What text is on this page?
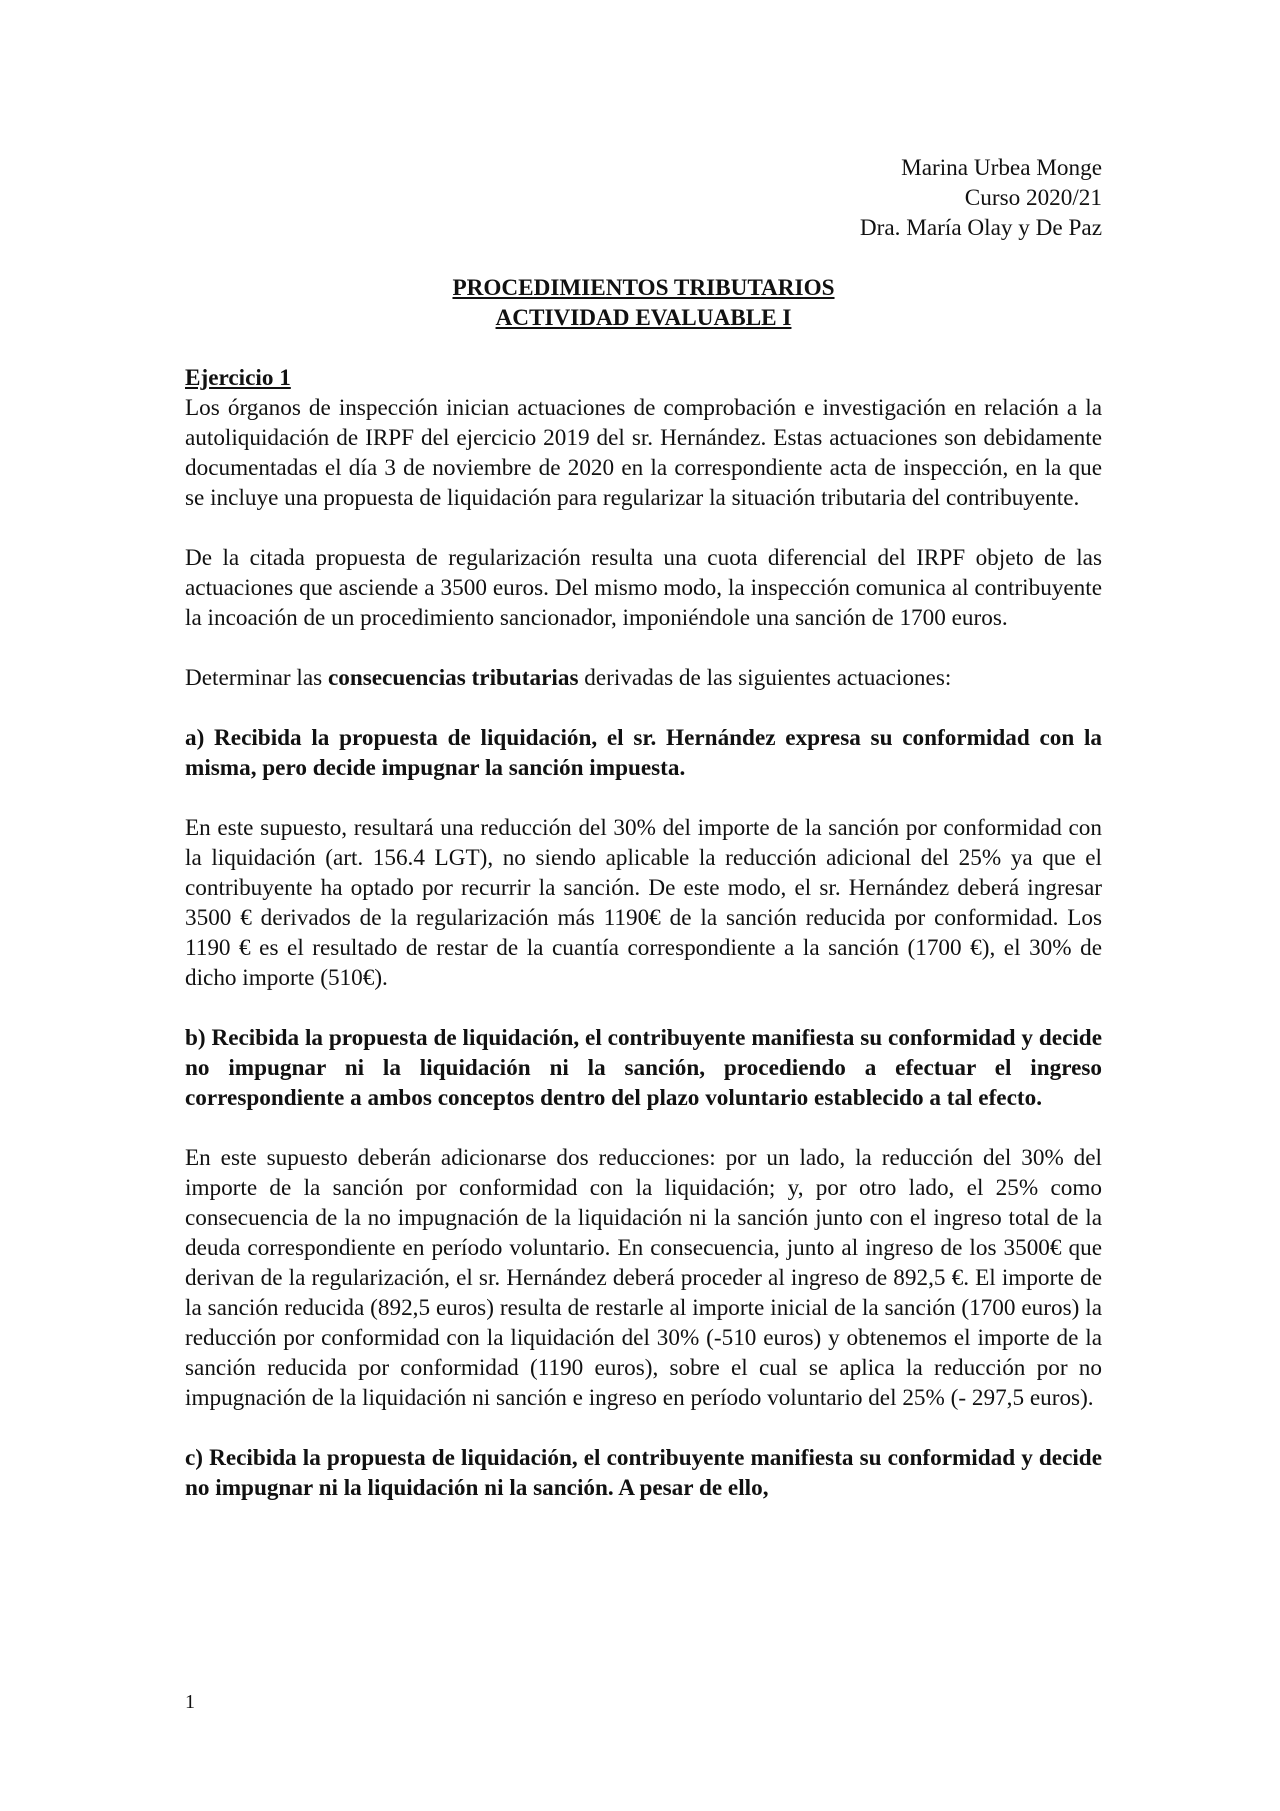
Marina Urbea Monge
Curso 2020/21
Dra. María Olay y De Paz
PROCEDIMIENTOS TRIBUTARIOS
ACTIVIDAD EVALUABLE I
Ejercicio 1

Los órganos de inspección inician actuaciones de comprobación e investigación en relación a la autoliquidación de IRPF del ejercicio 2019 del sr. Hernández. Estas actuaciones son debidamente documentadas el día 3 de noviembre de 2020 en la correspondiente acta de inspección, en la que se incluye una propuesta de liquidación para regularizar la situación tributaria del contribuyente.

De la citada propuesta de regularización resulta una cuota diferencial del IRPF objeto de las actuaciones que asciende a 3500 euros. Del mismo modo, la inspección comunica al contribuyente la incoación de un procedimiento sancionador, imponiéndole una sanción de 1700 euros.

Determinar las consecuencias tributarias derivadas de las siguientes actuaciones:

a) Recibida la propuesta de liquidación, el sr. Hernández expresa su conformidad con la misma, pero decide impugnar la sanción impuesta.

En este supuesto, resultará una reducción del 30% del importe de la sanción por conformidad con la liquidación (art. 156.4 LGT), no siendo aplicable la reducción adicional del 25% ya que el contribuyente ha optado por recurrir la sanción. De este modo, el sr. Hernández deberá ingresar 3500 € derivados de la regularización más 1190€ de la sanción reducida por conformidad. Los 1190 € es el resultado de restar de la cuantía correspondiente a la sanción (1700 €), el 30% de dicho importe (510€).

b) Recibida la propuesta de liquidación, el contribuyente manifiesta su conformidad y decide no impugnar ni la liquidación ni la sanción, procediendo a efectuar el ingreso correspondiente a ambos conceptos dentro del plazo voluntario establecido a tal efecto.

En este supuesto deberán adicionarse dos reducciones: por un lado, la reducción del 30% del importe de la sanción por conformidad con la liquidación; y, por otro lado, el 25% como consecuencia de la no impugnación de la liquidación ni la sanción junto con el ingreso total de la deuda correspondiente en período voluntario. En consecuencia, junto al ingreso de los 3500€ que derivan de la regularización, el sr. Hernández deberá proceder al ingreso de 892,5 €. El importe de la sanción reducida (892,5 euros) resulta de restarle al importe inicial de la sanción (1700 euros) la reducción por conformidad con la liquidación del 30% (-510 euros) y obtenemos el importe de la sanción reducida por conformidad (1190 euros), sobre el cual se aplica la reducción por no impugnación de la liquidación ni sanción e ingreso en período voluntario del 25% (- 297,5 euros).

c) Recibida la propuesta de liquidación, el contribuyente manifiesta su conformidad y decide no impugnar ni la liquidación ni la sanción. A pesar de ello,

1
